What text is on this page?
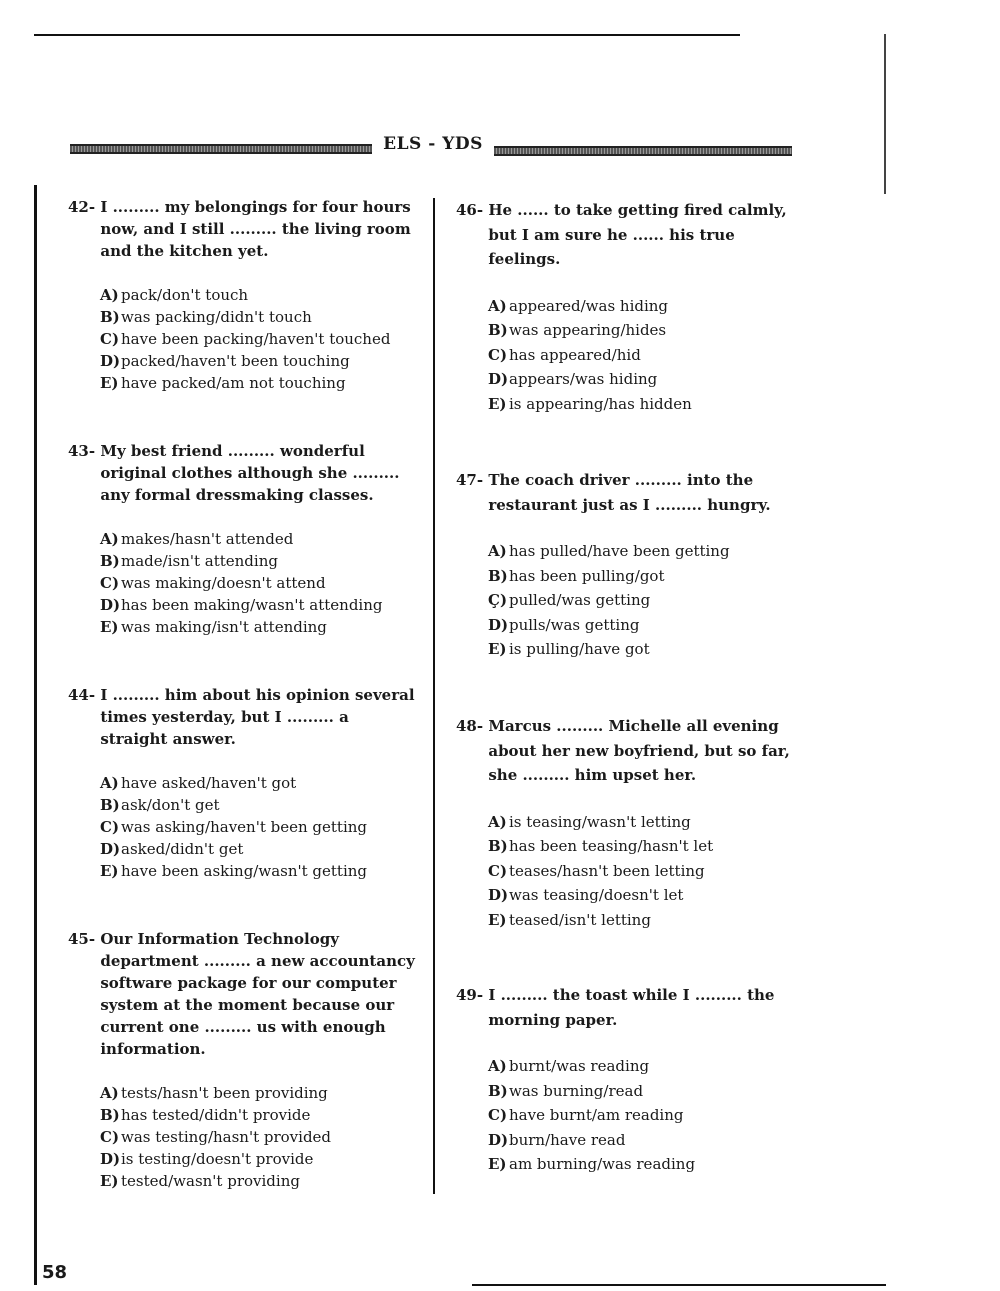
ELS - YDS
42-
I ......... my belongings for four hours
now, and I still ......... the living room
and the kitchen yet.
A) pack/don't touch
B) was packing/didn't touch
C) have been packing/haven't touched
D) packed/haven't been touching
E) have packed/am not touching
43-
My best friend ......... wonderful
original clothes although she .........
any formal dressmaking classes.
A) makes/hasn't attended
B) made/isn't attending
C) was making/doesn't attend
D) has been making/wasn't attending
E) was making/isn't attending
44-
I ......... him about his opinion several
times yesterday, but I ......... a
straight answer.
A) have asked/haven't got
B) ask/don't get
C) was asking/haven't been getting
D) asked/didn't get
E) have been asking/wasn't getting
45-
Our Information Technology
department ......... a new accountancy
software package for our computer
system at the moment because our
current one ......... us with enough
information.
A) tests/hasn't been providing
B) has tested/didn't provide
C) was testing/hasn't provided
D) is testing/doesn't provide
E) tested/wasn't providing
46-
He ...... to take getting fired calmly,
but I am sure he ...... his true
feelings.
A) appeared/was hiding
B) was appearing/hides
C) has appeared/hid
D) appears/was hiding
E) is appearing/has hidden
47-
The coach driver ......... into the
restaurant just as I ......... hungry.
A) has pulled/have been getting
B) has been pulling/got
Ç) pulled/was getting
D) pulls/was getting
E) is pulling/have got
48-
Marcus ......... Michelle all evening
about her new boyfriend, but so far,
she ......... him upset her.
A) is teasing/wasn't letting
B) has been teasing/hasn't let
C) teases/hasn't been letting
D) was teasing/doesn't let
E) teased/isn't letting
49-
I ......... the toast while I ......... the
morning paper.
A) burnt/was reading
B) was burning/read
C) have burnt/am reading
D) burn/have read
E) am burning/was reading
58
